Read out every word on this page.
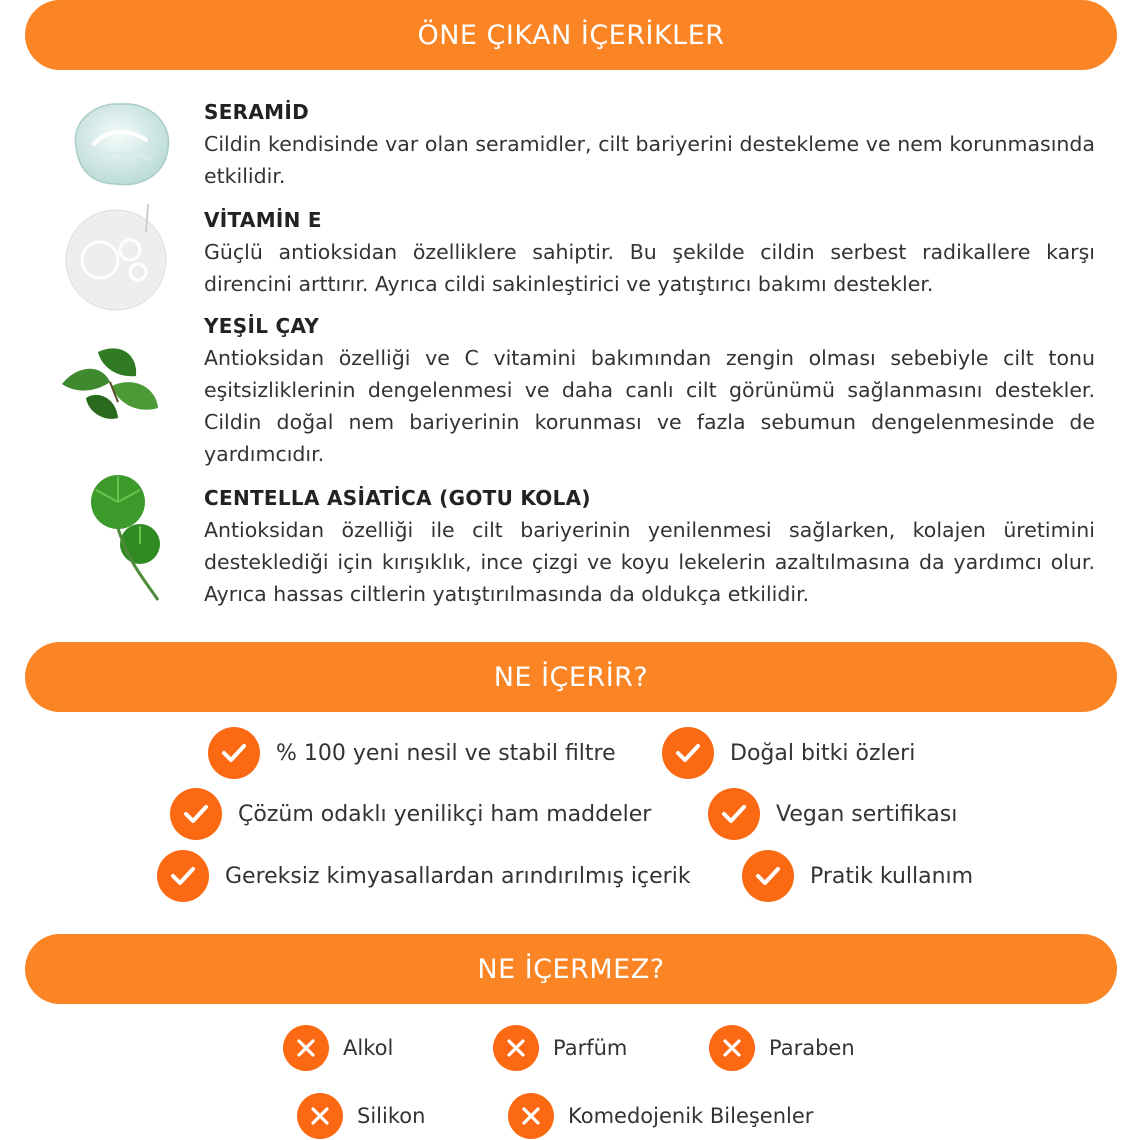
ÖNE ÇIKAN İÇERİKLER
SERAMİD
Cildin kendisinde var olan seramidler, cilt bariyerini destekleme ve nem korunmasında etkilidir.
VİTAMİN E
Güçlü antioksidan özelliklere sahiptir. Bu şekilde cildin serbest radikallere karşı direncini arttırır. Ayrıca cildi sakinleştirici ve yatıştırıcı bakımı destekler.
YEŞİL ÇAY
Antioksidan özelliği ve C vitamini bakımından zengin olması sebebiyle cilt tonu eşitsizliklerinin dengelenmesi ve daha canlı cilt görünümü sağlanmasını destekler. Cildin doğal nem bariyerinin korunması ve fazla sebumun dengelenmesinde de yardımcıdır.
CENTELLA ASİATİCA (GOTU KOLA)
Antioksidan özelliği ile cilt bariyerinin yenilenmesi sağlarken, kolajen üretimini desteklediği için kırışıklık, ince çizgi ve koyu lekelerin azaltılmasına da yardımcı olur. Ayrıca hassas ciltlerin yatıştırılmasında da oldukça etkilidir.
NE İÇERİR?
% 100 yeni nesil ve stabil filtre	Doğal bitki özleri
Çözüm odaklı yenilikçi ham maddeler	Vegan sertifikası
Gereksiz kimyasallardan arındırılmış içerik	Pratik kullanım
NE İÇERMEZ?
Alkol	Parfüm	Paraben
Silikon	Komedojenik Bileşenler
